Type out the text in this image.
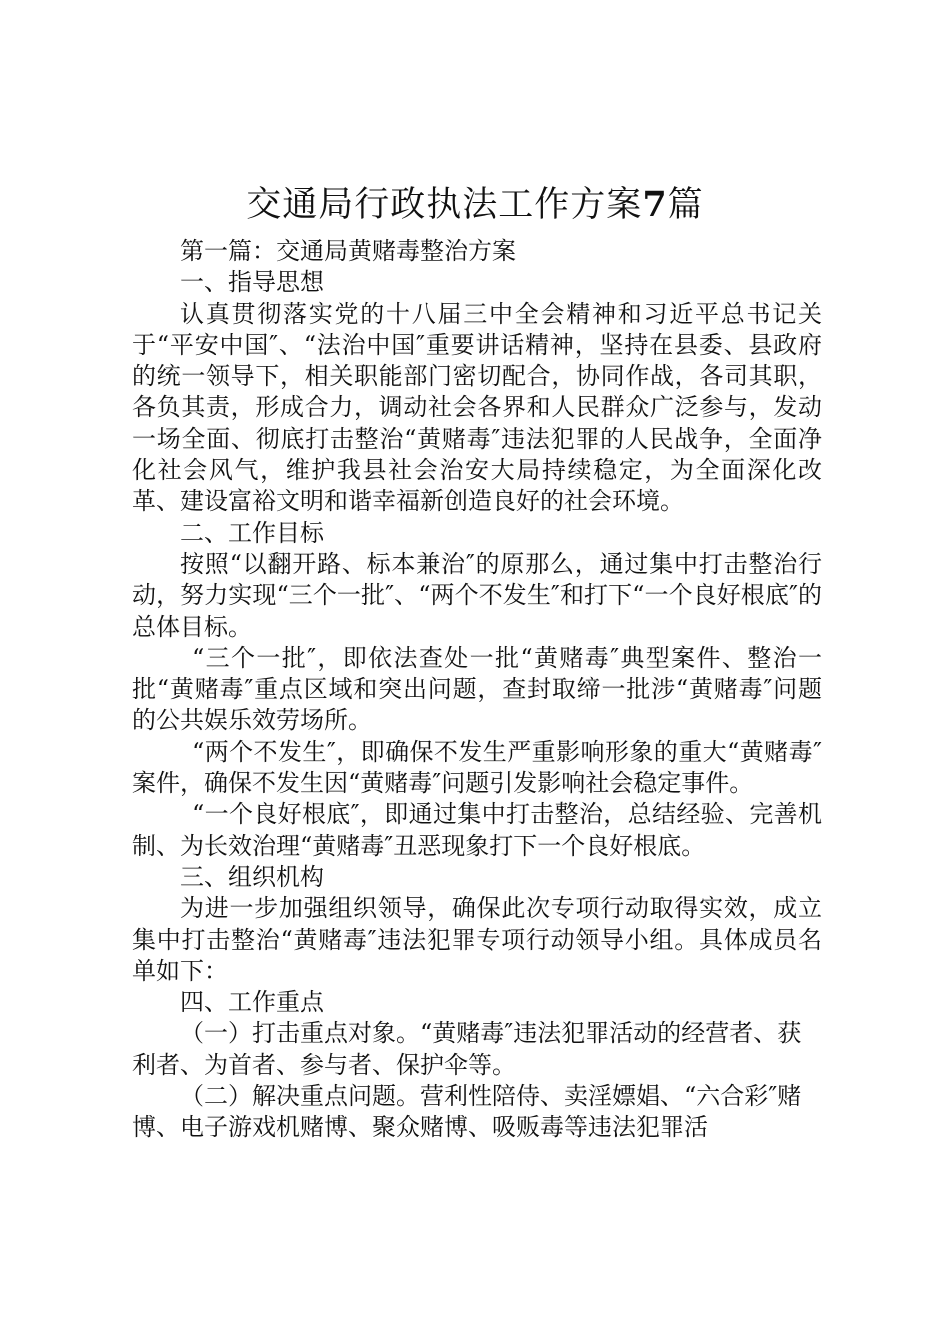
交通局行政执法工作方案7篇

第一篇：交通局黄赌毒整治方案

一、指导思想

认真贯彻落实党的十八届三中全会精神和习近平总书记关于“平安中国″、“法治中国″重要讲话精神，坚持在县委、县政府的统一领导下，相关职能部门密切配合，协同作战，各司其职，各负其责，形成合力，调动社会各界和人民群众广泛参与，发动一场全面、彻底打击整治“黄赌毒″违法犯罪的人民战争，全面净化社会风气，维护我县社会治安大局持续稳定，为全面深化改革、建设富裕文明和谐幸福新创造良好的社会环境。

二、工作目标

按照“以翻开路、标本兼治″的原那么，通过集中打击整治行动，努力实现“三个一批″、“两个不发生″和打下“一个良好根底″的总体目标。

“三个一批″，即依法查处一批“黄赌毒″典型案件、整治一批“黄赌毒″重点区域和突出问题，查封取缔一批涉“黄赌毒″问题的公共娱乐效劳场所。

“两个不发生″，即确保不发生严重影响形象的重大“黄赌毒″案件，确保不发生因“黄赌毒″问题引发影响社会稳定事件。

“一个良好根底″，即通过集中打击整治，总结经验、完善机制、为长效治理“黄赌毒″丑恶现象打下一个良好根底。

三、组织机构

为进一步加强组织领导，确保此次专项行动取得实效，成立集中打击整治“黄赌毒″违法犯罪专项行动领导小组。具体成员名单如下：

四、工作重点

（一）打击重点对象。“黄赌毒″违法犯罪活动的经营者、获利者、为首者、参与者、保护伞等。

（二）解决重点问题。营利性陪侍、卖淫嫖娼、“六合彩″赌博、电子游戏机赌博、聚众赌博、吸贩毒等违法犯罪活
